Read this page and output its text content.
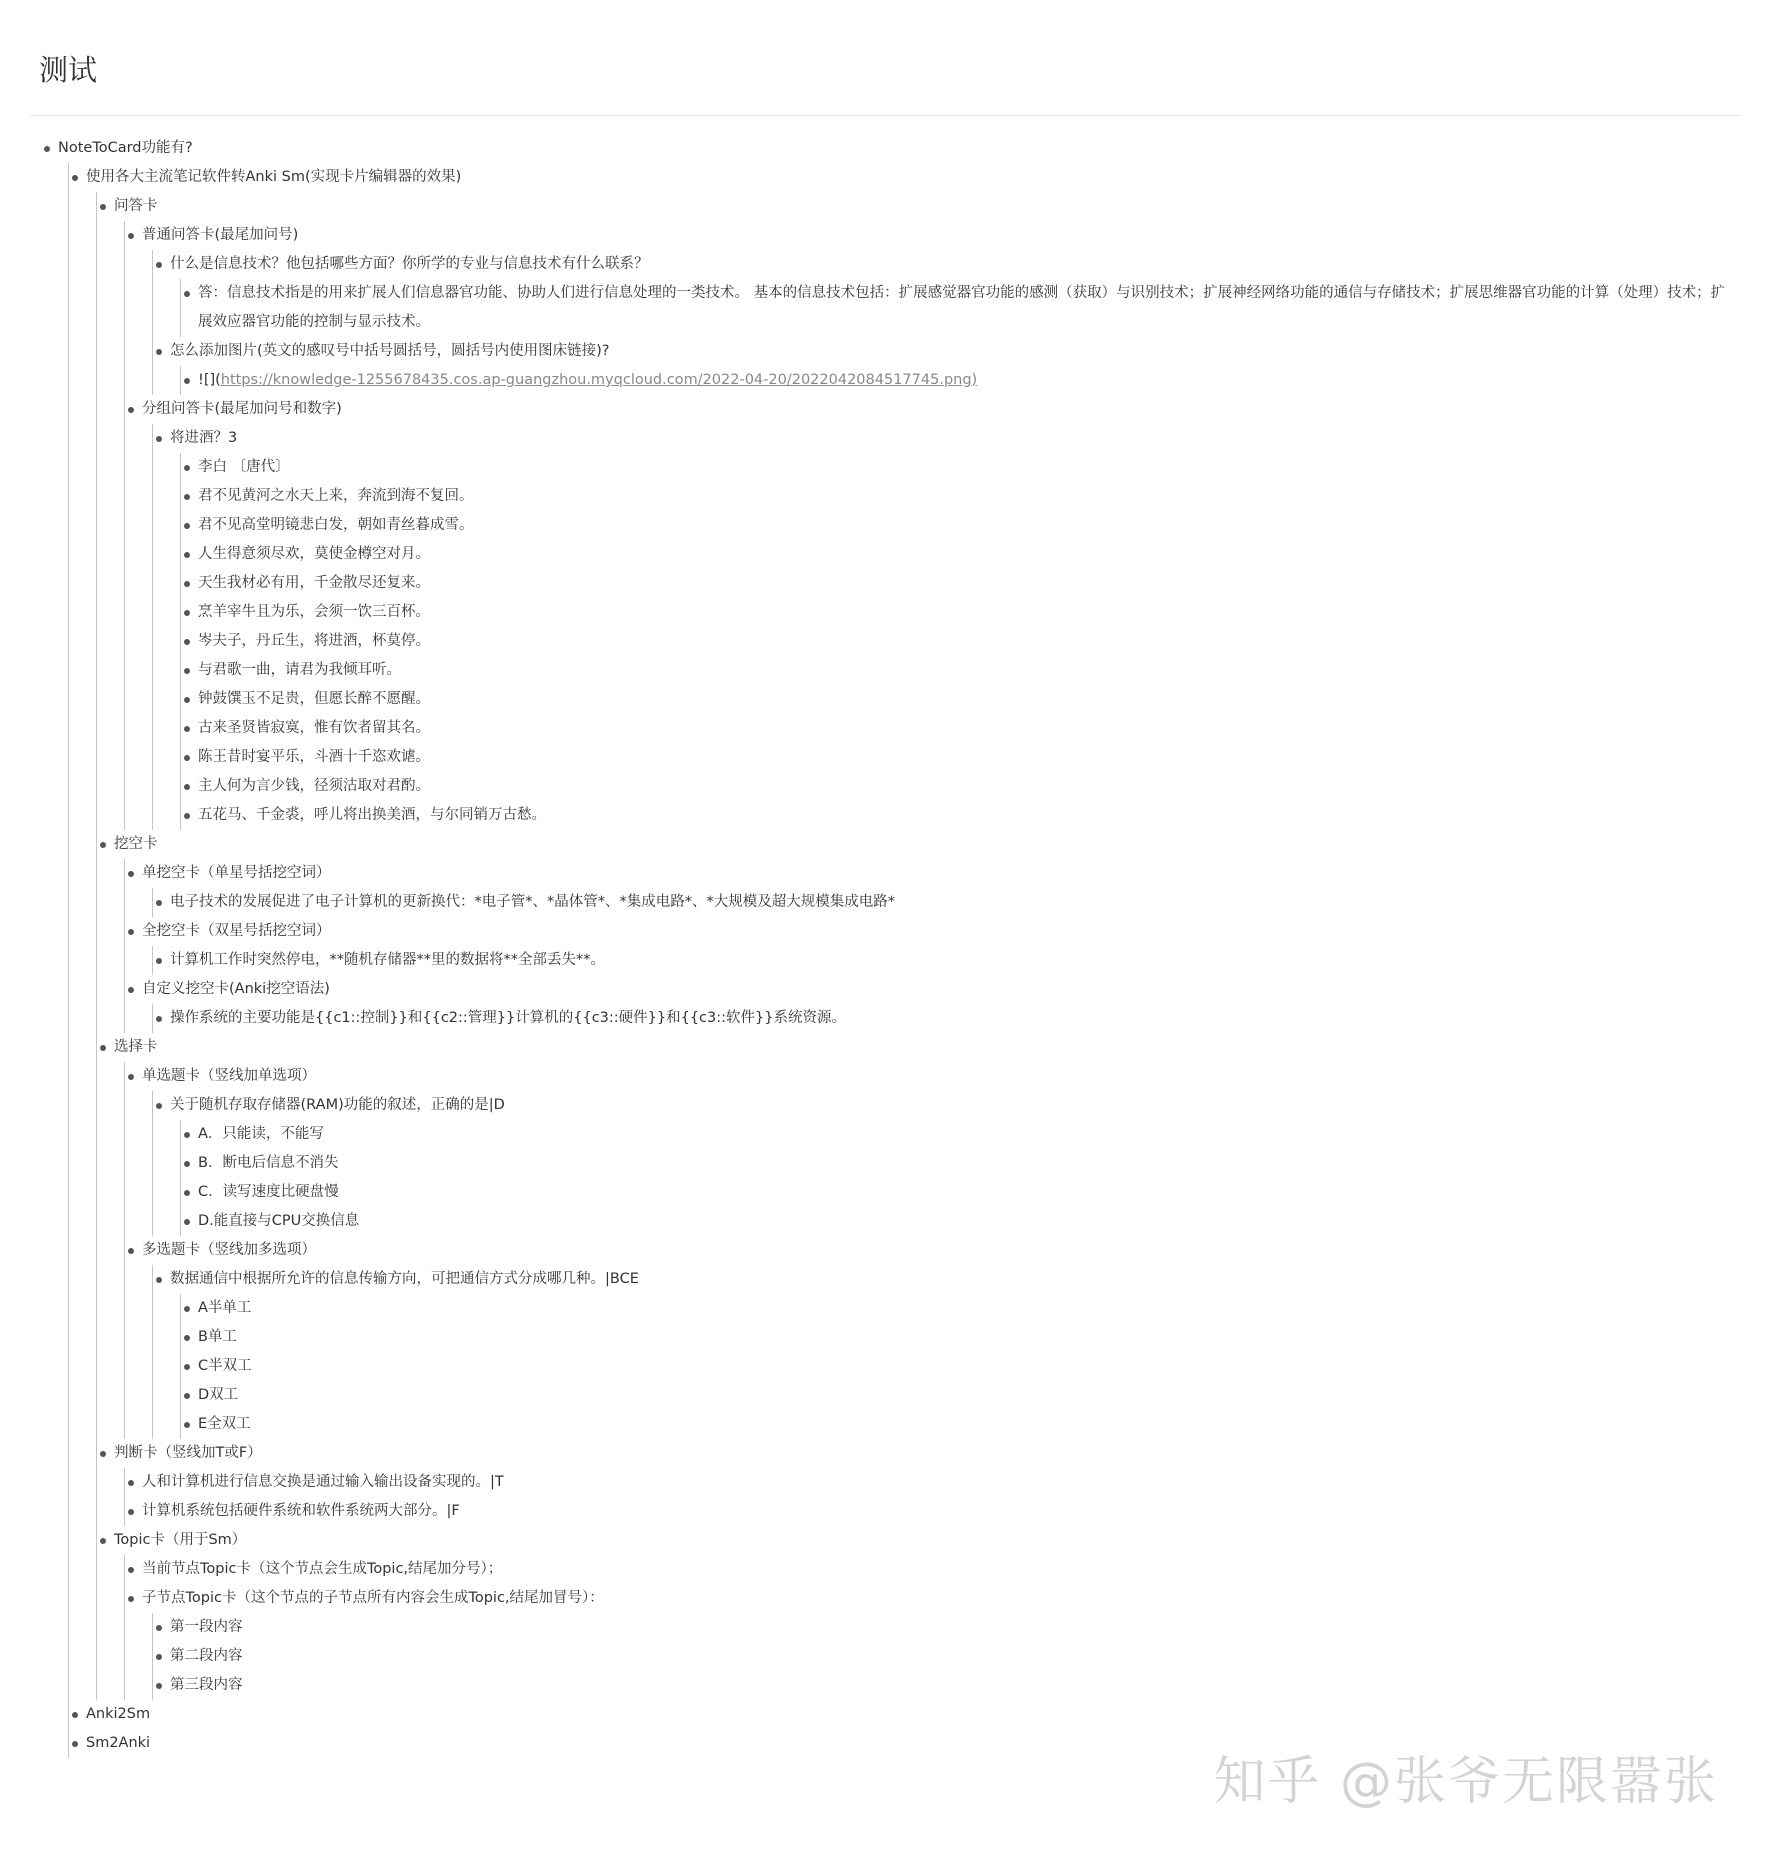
测试
NoteToCard功能有?
使用各大主流笔记软件转Anki Sm(实现卡片编辑器的效果)
问答卡
普通问答卡(最尾加问号)
什么是信息技术？他包括哪些方面？你所学的专业与信息技术有什么联系？
答：信息技术指是的用来扩展人们信息器官功能、协助人们进行信息处理的一类技术。 基本的信息技术包括：扩展感觉器官功能的感测（获取）与识别技术；扩展神经网络功能的通信与存储技术；扩展思维器官功能的计算（处理）技术；扩展效应器官功能的控制与显示技术。
怎么添加图片(英文的感叹号中括号圆括号，圆括号内使用图床链接)?
![](https://knowledge-1255678435.cos.ap-guangzhou.myqcloud.com/2022-04-20/2022042084517745.png)
分组问答卡(最尾加问号和数字)
将进酒？3
李白 〔唐代〕
君不见黄河之水天上来，奔流到海不复回。
君不见高堂明镜悲白发，朝如青丝暮成雪。
人生得意须尽欢，莫使金樽空对月。
天生我材必有用，千金散尽还复来。
烹羊宰牛且为乐，会须一饮三百杯。
岑夫子，丹丘生，将进酒，杯莫停。
与君歌一曲，请君为我倾耳听。
钟鼓馔玉不足贵，但愿长醉不愿醒。
古来圣贤皆寂寞，惟有饮者留其名。
陈王昔时宴平乐，斗酒十千恣欢谑。
主人何为言少钱，径须沽取对君酌。
五花马、千金裘，呼儿将出换美酒，与尔同销万古愁。
挖空卡
单挖空卡（单星号括挖空词）
电子技术的发展促进了电子计算机的更新换代：*电子管*、*晶体管*、*集成电路*、*大规模及超大规模集成电路*
全挖空卡（双星号括挖空词）
计算机工作时突然停电，**随机存储器**里的数据将**全部丢失**。
自定义挖空卡(Anki挖空语法)
操作系统的主要功能是{{c1::控制}}和{{c2::管理}}计算机的{{c3::硬件}}和{{c3::软件}}系统资源。
选择卡
单选题卡（竖线加单选项）
关于随机存取存储器(RAM)功能的叙述，正确的是|D
A．只能读，不能写
B．断电后信息不消失
C．读写速度比硬盘慢
D.能直接与CPU交换信息
多选题卡（竖线加多选项）
数据通信中根据所允许的信息传输方向，可把通信方式分成哪几种。|BCE
A半单工
B单工
C半双工
D双工
E全双工
判断卡（竖线加T或F）
人和计算机进行信息交换是通过输入输出设备实现的。|T
计算机系统包括硬件系统和软件系统两大部分。|F
Topic卡（用于Sm）
当前节点Topic卡（这个节点会生成Topic,结尾加分号）；
子节点Topic卡（这个节点的子节点所有内容会生成Topic,结尾加冒号）：
第一段内容
第二段内容
第三段内容
Anki2Sm
Sm2Anki
知乎 @张爷无限嚣张
